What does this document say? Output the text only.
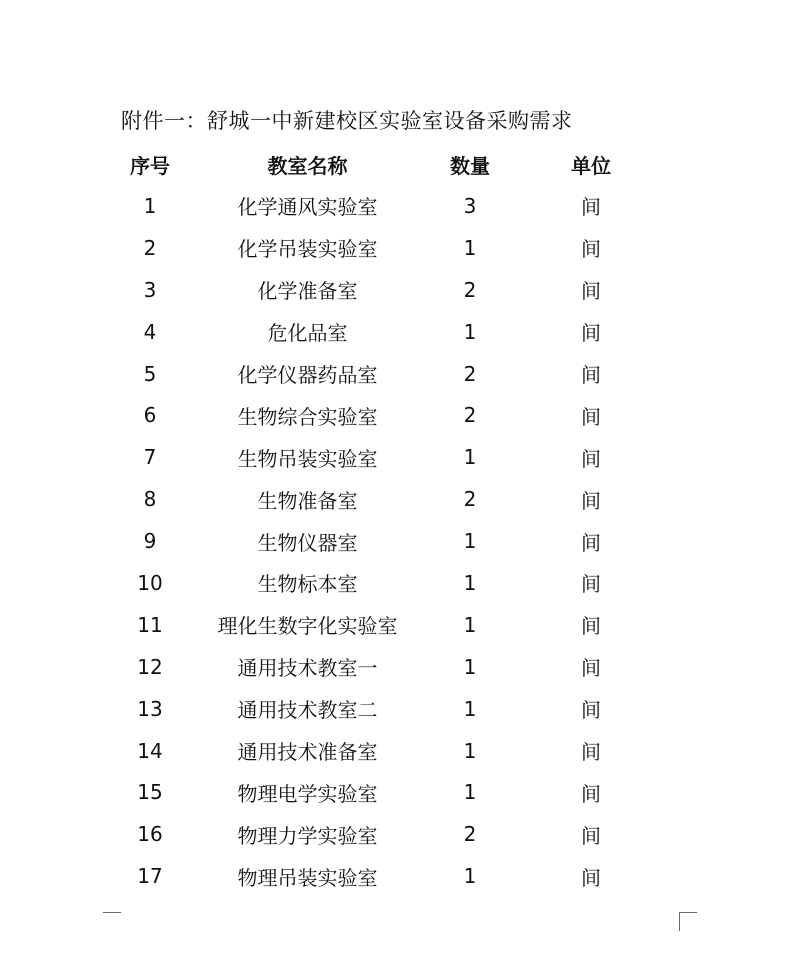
附件一：舒城一中新建校区实验室设备采购需求
序号	教室名称	数量	单位
1	化学通风实验室	3	间
2	化学吊装实验室	1	间
3	化学准备室	2	间
4	危化品室	1	间
5	化学仪器药品室	2	间
6	生物综合实验室	2	间
7	生物吊装实验室	1	间
8	生物准备室	2	间
9	生物仪器室	1	间
10	生物标本室	1	间
11	理化生数字化实验室	1	间
12	通用技术教室一	1	间
13	通用技术教室二	1	间
14	通用技术准备室	1	间
15	物理电学实验室	1	间
16	物理力学实验室	2	间
17	物理吊装实验室	1	间
